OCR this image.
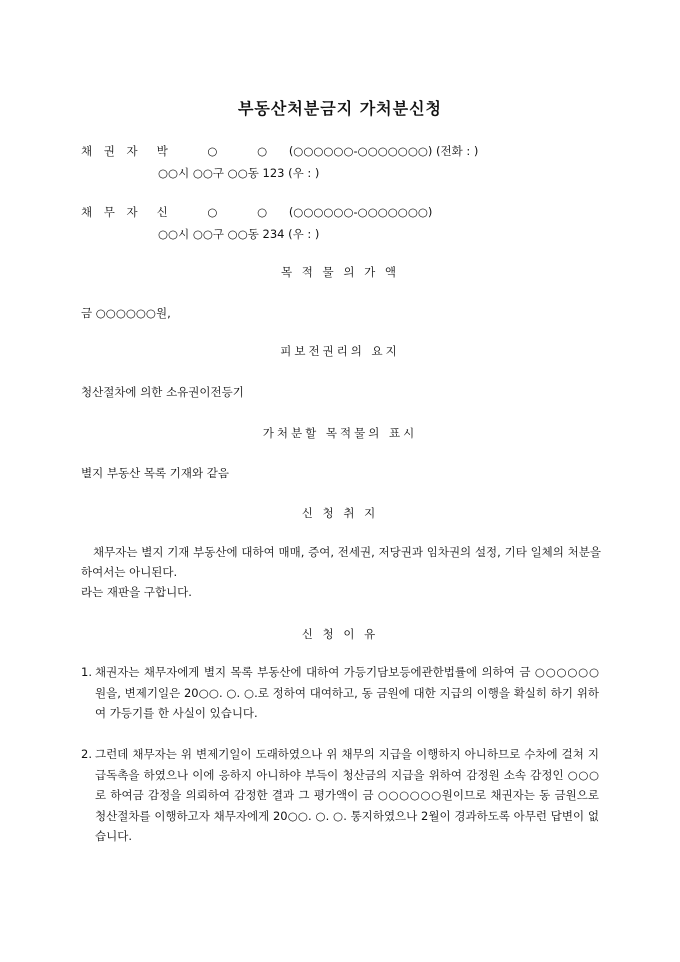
부동산처분금지 가처분신청
채 권 자 박 ○ ○ (○○○○○○-○○○○○○○) (전화 : )
○○시 ○○구 ○○동 123 (우 : )
채 무 자 신 ○ ○ (○○○○○○-○○○○○○○)
○○시 ○○구 ○○동 234 (우 : )
목 적 물 의 가 액
금 ○○○○○○원,
피보전권리의 요지
청산절차에 의한 소유권이전등기
가처분할 목적물의 표시
별지 부동산 목록 기재와 같음
신 청 취 지
채무자는 별지 기재 부동산에 대하여 매매, 증여, 전세권, 저당권과 임차권의 설정, 기타 일체의 처분을 하여서는 아니된다.
라는 재판을 구합니다.
신 청 이 유
1. 채권자는 채무자에게 별지 목록 부동산에 대하여 가등기담보등에관한법률에 의하여 금 ○○○○○○원을, 변제기일은 20○○. ○. ○.로 정하여 대여하고, 동 금원에 대한 지급의 이행을 확실히 하기 위하여 가등기를 한 사실이 있습니다.
2. 그런데 채무자는 위 변제기일이 도래하였으나 위 채무의 지급을 이행하지 아니하므로 수차에 걸쳐 지급독촉을 하였으나 이에 응하지 아니하야 부득이 청산금의 지급을 위하여 감정원 소속 감정인 ○○○로 하여금 감정을 의뢰하여 감정한 결과 그 평가액이 금 ○○○○○○원이므로 채권자는 동 금원으로 청산절차를 이행하고자 채무자에게 20○○. ○. ○. 통지하였으나 2월이 경과하도록 아무런 답변이 없습니다.
